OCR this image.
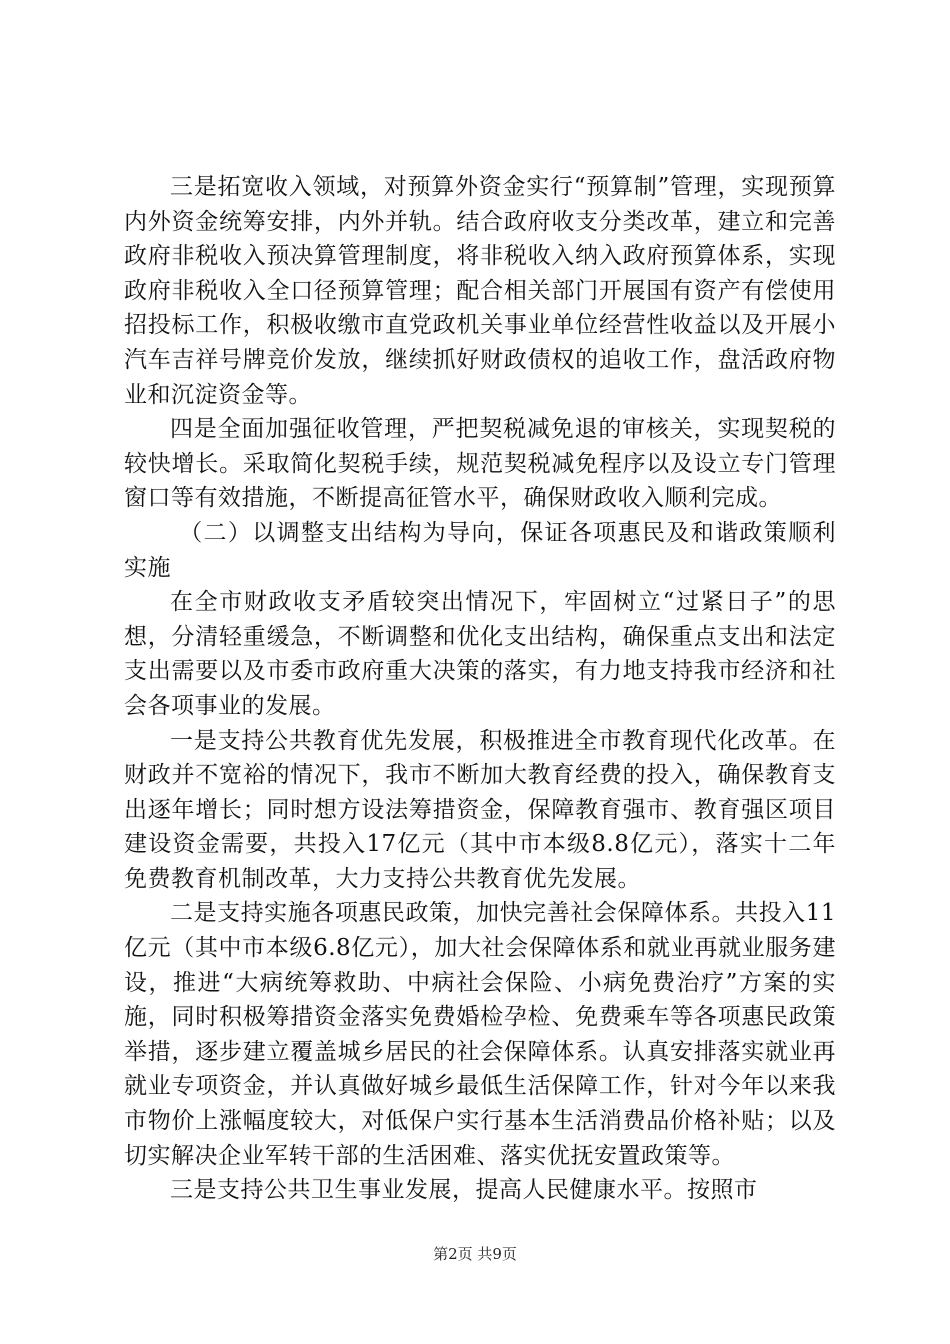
三是拓宽收入领域，对预算外资金实行“预算制”管理，实现预算内外资金统筹安排，内外并轨。结合政府收支分类改革，建立和完善政府非税收入预决算管理制度，将非税收入纳入政府预算体系，实现政府非税收入全口径预算管理；配合相关部门开展国有资产有偿使用招投标工作，积极收缴市直党政机关事业单位经营性收益以及开展小汽车吉祥号牌竞价发放，继续抓好财政债权的追收工作，盘活政府物业和沉淀资金等。

四是全面加强征收管理，严把契税减免退的审核关，实现契税的较快增长。采取简化契税手续，规范契税减免程序以及设立专门管理窗口等有效措施，不断提高征管水平，确保财政收入顺利完成。

（二）以调整支出结构为导向，保证各项惠民及和谐政策顺利实施

在全市财政收支矛盾较突出情况下，牢固树立“过紧日子”的思想，分清轻重缓急，不断调整和优化支出结构，确保重点支出和法定支出需要以及市委市政府重大决策的落实，有力地支持我市经济和社会各项事业的发展。

一是支持公共教育优先发展，积极推进全市教育现代化改革。在财政并不宽裕的情况下，我市不断加大教育经费的投入，确保教育支出逐年增长；同时想方设法筹措资金，保障教育强市、教育强区项目建设资金需要，共投入17亿元（其中市本级8.8亿元），落实十二年免费教育机制改革，大力支持公共教育优先发展。

二是支持实施各项惠民政策，加快完善社会保障体系。共投入11亿元（其中市本级6.8亿元），加大社会保障体系和就业再就业服务建设，推进“大病统筹救助、中病社会保险、小病免费治疗”方案的实施，同时积极筹措资金落实免费婚检孕检、免费乘车等各项惠民政策举措，逐步建立覆盖城乡居民的社会保障体系。认真安排落实就业再就业专项资金，并认真做好城乡最低生活保障工作，针对今年以来我市物价上涨幅度较大，对低保户实行基本生活消费品价格补贴；以及切实解决企业军转干部的生活困难、落实优抚安置政策等。

三是支持公共卫生事业发展，提高人民健康水平。按照市

第2页 共9页
